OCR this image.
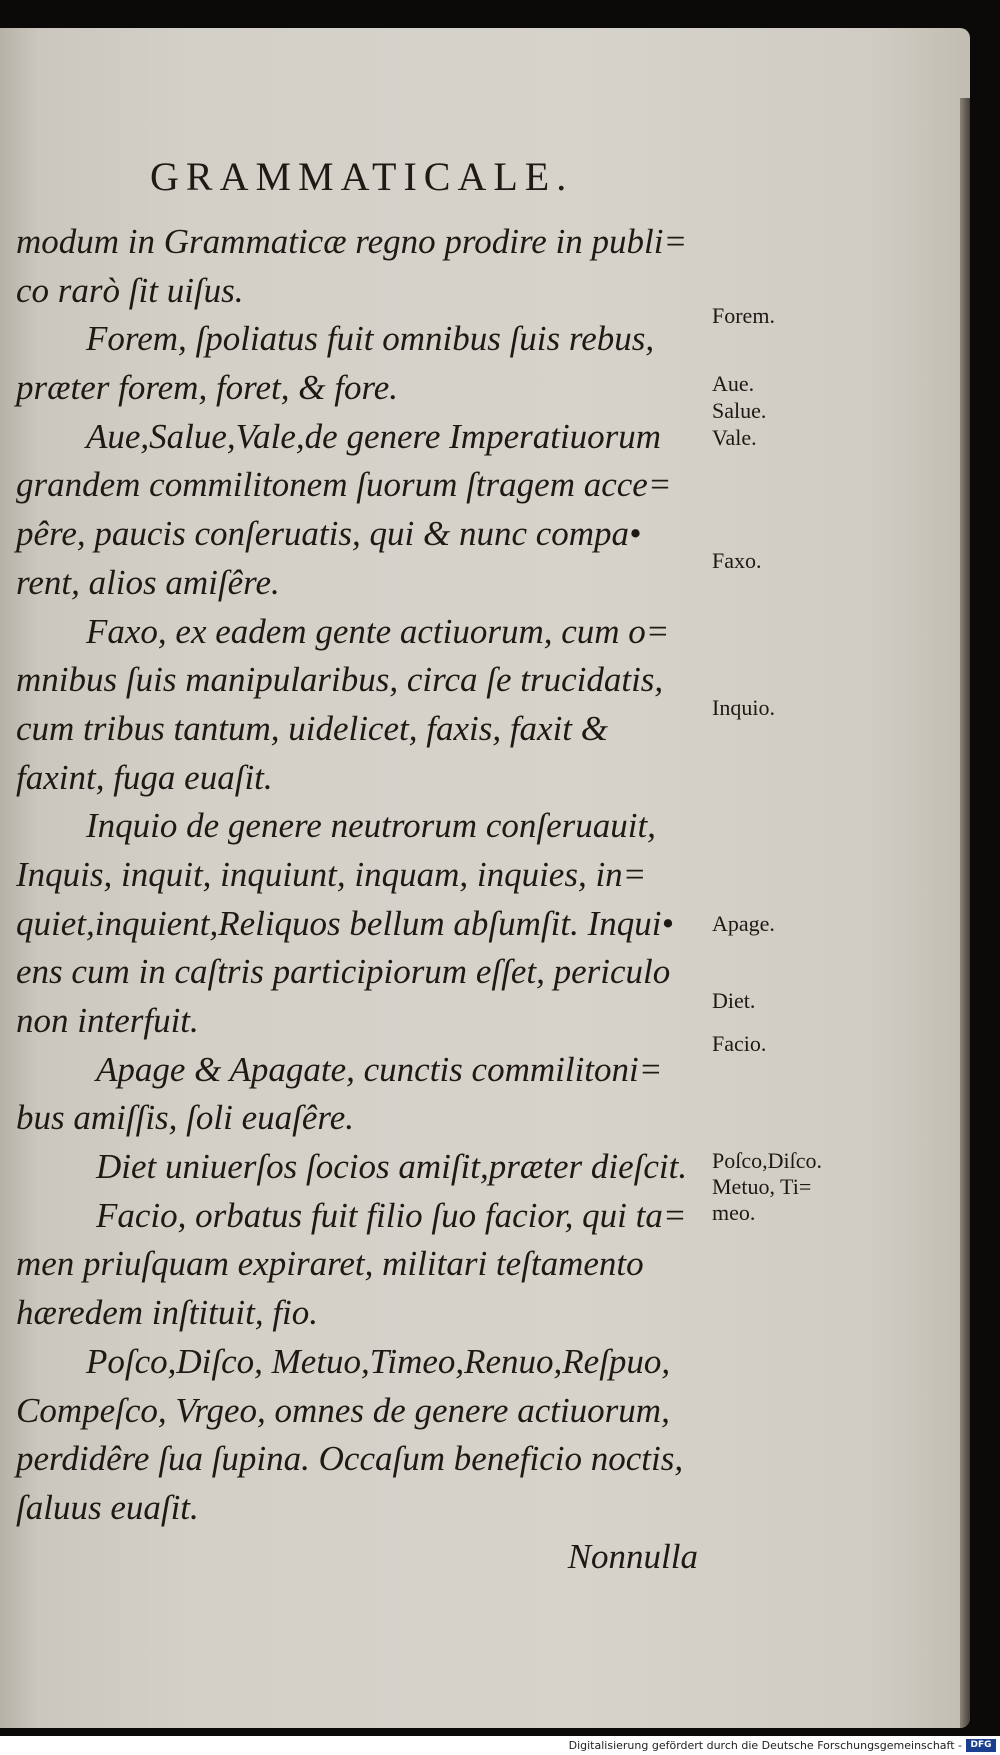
GRAMMATICALE.
modum in Grammaticæ regno prodire in publi=
co rarò ſit uiſus.
Forem, ſpoliatus fuit omnibus ſuis rebus,
præter forem, foret, & fore.
Aue,Salue,Vale,de genere Imperatiuorum
grandem commilitonem ſuorum ſtragem acce=
pêre, paucis conſeruatis, qui & nunc compa•
rent, alios amiſêre.
Faxo, ex eadem gente actiuorum, cum o=
mnibus ſuis manipularibus, circa ſe trucidatis,
cum tribus tantum, uidelicet, faxis, faxit &
faxint, fuga euaſit.
Inquio de genere neutrorum conſeruauit,
Inquis, inquit, inquiunt, inquam, inquies, in=
quiet,inquient,Reliquos bellum abſumſit. Inqui•
ens cum in caſtris participiorum eſſet, periculo
non interfuit.
Apage & Apagate, cunctis commilitoni=
bus amiſſis, ſoli euaſêre.
Diet uniuerſos ſocios amiſit,præter dieſcit.
Facio, orbatus fuit filio ſuo facior, qui ta=
men priuſquam expiraret, militari teſtamento
hæredem inſtituit, fio.
Poſco,Diſco, Metuo,Timeo,Renuo,Reſpuo,
Compeſco, Vrgeo, omnes de genere actiuorum,
perdidêre ſua ſupina. Occaſum beneficio noctis,
ſaluus euaſit.
Nonnulla
Forem.
Aue.
Salue.
Vale.
Faxo.
Inquio.
Apage.
Diet.
Facio.
Poſco,Diſco.
Metuo, Ti=
meo.
Digitalisierung gefördert durch die Deutsche Forschungsgemeinschaft - DFG
